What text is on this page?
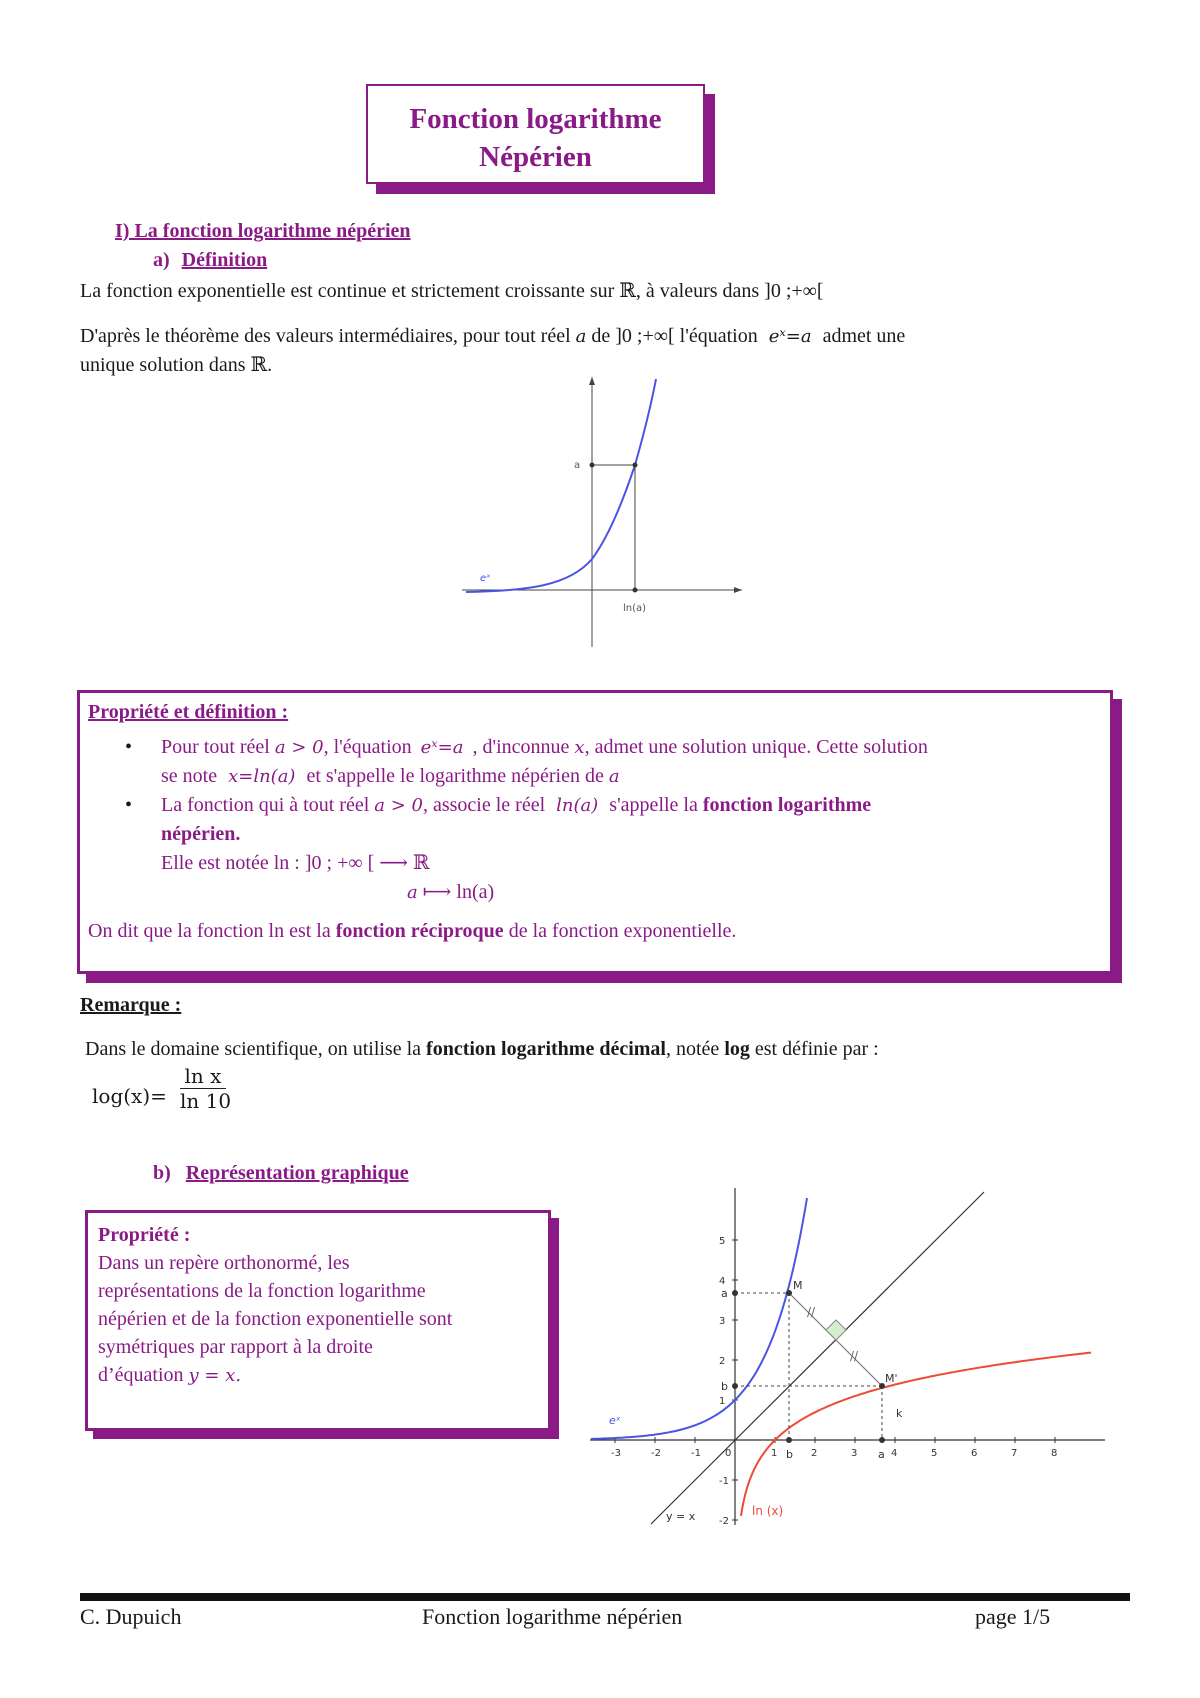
Fonction logarithme
Népérien
I) La fonction logarithme népérien
a) Définition
La fonction exponentielle est continue et strictement croissante sur ℝ, à valeurs dans ]0 ;+∞[
D'après le théorème des valeurs intermédiaires, pour tout réel a de ]0 ;+∞[ l'équation eˣ=a admet une
unique solution dans ℝ.
a
ln(a)
eˣ
Propriété et définition :
• Pour tout réel a > 0, l'équation eˣ=a , d'inconnue x, admet une solution unique. Cette solution
se note x=ln(a) et s'appelle le logarithme népérien de a
• La fonction qui à tout réel a > 0, associe le réel ln(a) s'appelle la fonction logarithme
népérien.
Elle est notée ln : ]0 ; +∞ [ ⟶ ℝ
a ⟼ ln(a)
On dit que la fonction ln est la fonction réciproque de la fonction exponentielle.
Remarque :
Dans le domaine scientifique, on utilise la fonction logarithme décimal, notée log est définie par :
$\log(x)= \frac{\text{ln x}}{\ln 10}$
b) Représentation graphique
Propriété :
Dans un repère orthonormé, les
représentations de la fonction logarithme
népérien et de la fonction exponentielle sont
symétriques par rapport à la droite
d’équation y = x.
-3	-2	-1 0	1	2	3	4	5	6	7	8
5
4
3
2
1
-1
-2
//
//
M
M'
k
a
b
b	a
eˣ
ln (x)
y = x
C. Dupuich	Fonction logarithme népérien	page 1/5
